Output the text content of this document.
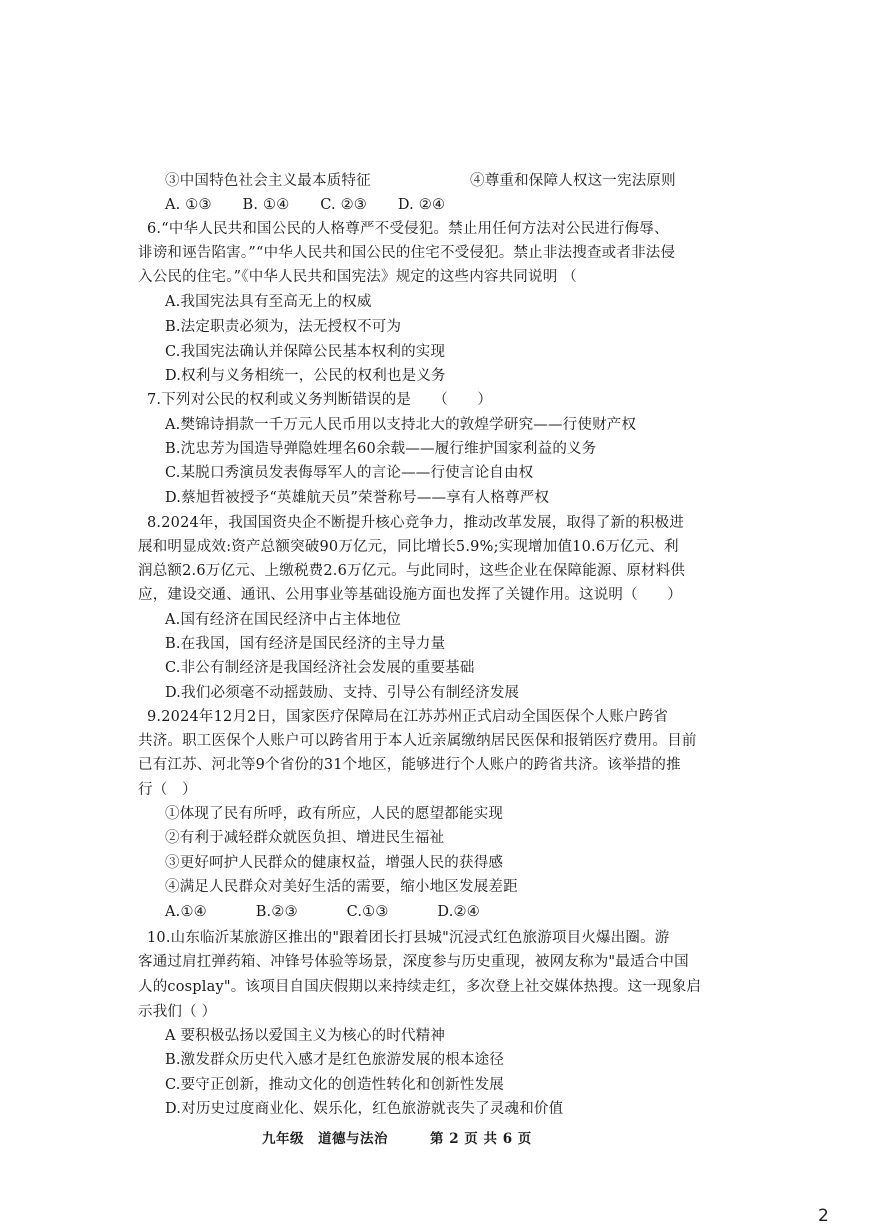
③中国特色社会主义最本质特征	④尊重和保障人权这一宪法原则
A. ①③ B. ①④ C. ②③ D. ②④
6.“中华人民共和国公民的人格尊严不受侵犯。禁止用任何方法对公民进行侮辱、
诽谤和诬告陷害。”“中华人民共和国公民的住宅不受侵犯。禁止非法搜查或者非法侵
入公民的住宅。”《中华人民共和国宪法》规定的这些内容共同说明 （
A.我国宪法具有至高无上的权威
B.法定职责必须为，法无授权不可为
C.我国宪法确认并保障公民基本权利的实现
D.权利与义务相统一，公民的权利也是义务
7.下列对公民的权利或义务判断错误的是　　（　　）
A.樊锦诗捐款一千万元人民币用以支持北大的敦煌学研究——行使财产权
B.沈忠芳为国造导弹隐姓埋名60余载——履行维护国家利益的义务
C.某脱口秀演员发表侮辱军人的言论——行使言论自由权
D.蔡旭哲被授予“英雄航天员”荣誉称号——享有人格尊严权
8.2024年，我国国资央企不断提升核心竞争力，推动改革发展，取得了新的积极进
展和明显成效:资产总额突破90万亿元，同比增长5.9%;实现增加值10.6万亿元、利
润总额2.6万亿元、上缴税费2.6万亿元。与此同时，这些企业在保障能源、原材料供
应，建设交通、通讯、公用事业等基础设施方面也发挥了关键作用。这说明（　　）
A.国有经济在国民经济中占主体地位
B.在我国，国有经济是国民经济的主导力量
C.非公有制经济是我国经济社会发展的重要基础
D.我们必须毫不动摇鼓励、支持、引导公有制经济发展
9.2024年12月2日，国家医疗保障局在江苏苏州正式启动全国医保个人账户跨省
共济。职工医保个人账户可以跨省用于本人近亲属缴纳居民医保和报销医疗费用。目前
已有江苏、河北等9个省份的31个地区，能够进行个人账户的跨省共济。该举措的推
行（　）
①体现了民有所呼，政有所应，人民的愿望都能实现
②有利于减轻群众就医负担、增进民生福祉
③更好呵护人民群众的健康权益，增强人民的获得感
④满足人民群众对美好生活的需要，缩小地区发展差距
A.①④	B.②③	C.①③	D.②④
10.山东临沂某旅游区推出的"跟着团长打县城"沉浸式红色旅游项目火爆出圈。游
客通过肩扛弹药箱、冲锋号体验等场景，深度参与历史重现，被网友称为"最适合中国
人的cosplay"。该项目自国庆假期以来持续走红，多次登上社交媒体热搜。这一现象启
示我们（ ）
A 要积极弘扬以爱国主义为核心的时代精神
B.激发群众历史代入感才是红色旅游发展的根本途径
C.要守正创新，推动文化的创造性转化和创新性发展
D.对历史过度商业化、娱乐化，红色旅游就丧失了灵魂和价值
九年级　道德与法治　　　第 2 页 共 6 页
2
